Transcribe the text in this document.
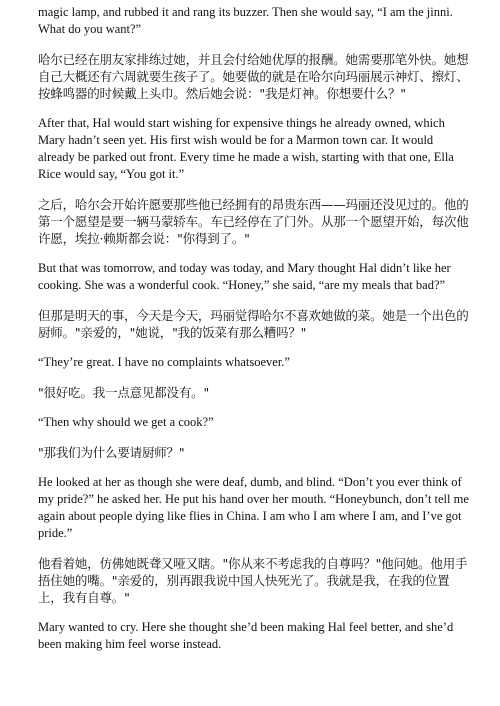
magic lamp, and rubbed it and rang its buzzer. Then she would say, “I am the jinni. What do you want?”

哈尔已经在朋友家排练过她，并且会付给她优厚的报酬。她需要那笔外快。她想自己大概还有六周就要生孩子了。她要做的就是在哈尔向玛丽展示神灯、擦灯、按蜂鸣器的时候戴上头巾。然后她会说："我是灯神。你想要什么？"

After that, Hal would start wishing for expensive things he already owned, which Mary hadn’t seen yet. His first wish would be for a Marmon town car. It would already be parked out front. Every time he made a wish, starting with that one, Ella Rice would say, “You got it.”

之后，哈尔会开始许愿要那些他已经拥有的昂贵东西——玛丽还没见过的。他的第一个愿望是要一辆马蒙轿车。车已经停在了门外。从那一个愿望开始，每次他许愿，埃拉·赖斯都会说："你得到了。"

But that was tomorrow, and today was today, and Mary thought Hal didn’t like her cooking. She was a wonderful cook. “Honey,” she said, “are my meals that bad?”

但那是明天的事，今天是今天，玛丽觉得哈尔不喜欢她做的菜。她是一个出色的厨师。"亲爱的，"她说，"我的饭菜有那么糟吗？"

“They’re great. I have no complaints whatsoever.”

"很好吃。我一点意见都没有。"

“Then why should we get a cook?”

"那我们为什么要请厨师？"

He looked at her as though she were deaf, dumb, and blind. “Don’t you ever think of my pride?” he asked her. He put his hand over her mouth. “Honeybunch, don’t tell me again about people dying like flies in China. I am who I am where I am, and I’ve got pride.”

他看着她，仿佛她既聋又哑又瞎。"你从来不考虑我的自尊吗？"他问她。他用手捂住她的嘴。"亲爱的，别再跟我说中国人快死光了。我就是我，在我的位置上，我有自尊。"

Mary wanted to cry. Here she thought she’d been making Hal feel better, and she’d been making him feel worse instead.
